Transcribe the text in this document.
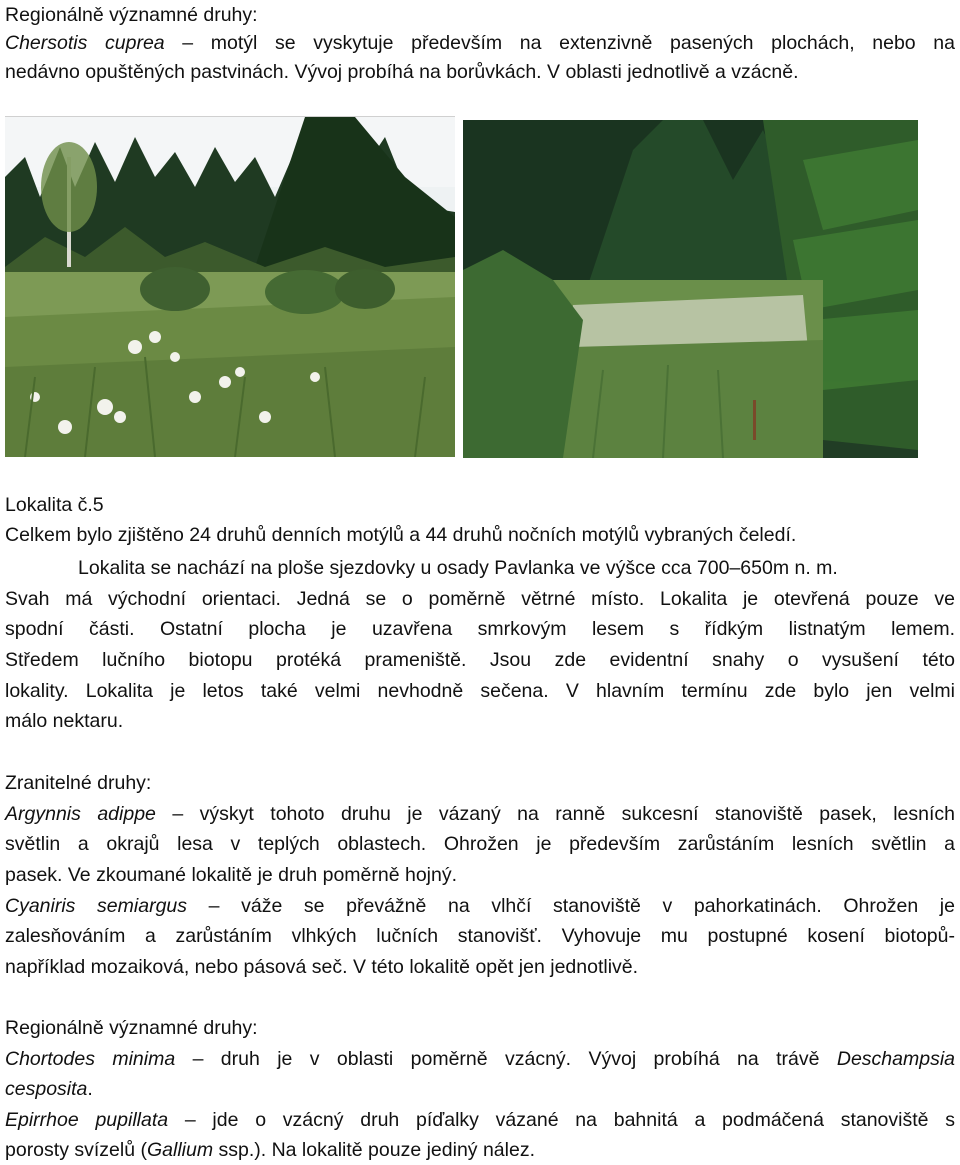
Regionálně významné druhy:
Chersotis cuprea – motýl se vyskytuje především na extenzivně pasených plochách, nebo na
nedávno opuštěných pastvinách. Vývoj probíhá na borůvkách. V oblasti jednotlivě a vzácně.
Lokalita č.5
Celkem bylo zjištěno 24 druhů denních motýlů a 44 druhů nočních motýlů vybraných čeledí.
Lokalita se nachází na ploše sjezdovky u osady Pavlanka ve výšce cca 700–650m n. m.
Svah má východní orientaci. Jedná se o poměrně větrné místo. Lokalita je otevřená pouze ve
spodní části. Ostatní plocha je uzavřena smrkovým lesem s řídkým listnatým lemem.
Středem lučního biotopu protéká prameniště. Jsou zde evidentní snahy o vysušení této
lokality. Lokalita je letos také velmi nevhodně sečena. V hlavním termínu zde bylo jen velmi
málo nektaru.
Zranitelné druhy:
Argynnis adippe – výskyt tohoto druhu je vázaný na ranně sukcesní stanoviště pasek, lesních
světlin a okrajů lesa v teplých oblastech. Ohrožen je především zarůstáním lesních světlin a
pasek. Ve zkoumané lokalitě je druh poměrně hojný.
Cyaniris semiargus – váže se převážně na vlhčí stanoviště v pahorkatinách. Ohrožen je
zalesňováním a zarůstáním vlhkých lučních stanovišť. Vyhovuje mu postupné kosení biotopů-
například mozaiková, nebo pásová seč. V této lokalitě opět jen jednotlivě.
Regionálně významné druhy:
Chortodes minima – druh je v oblasti poměrně vzácný. Vývoj probíhá na trávě Deschampsia
cesposita.
Epirrhoe pupillata – jde o vzácný druh píďalky vázané na bahnitá a podmáčená stanoviště s
porosty svízelů (Gallium ssp.). Na lokalitě pouze jediný nález.
